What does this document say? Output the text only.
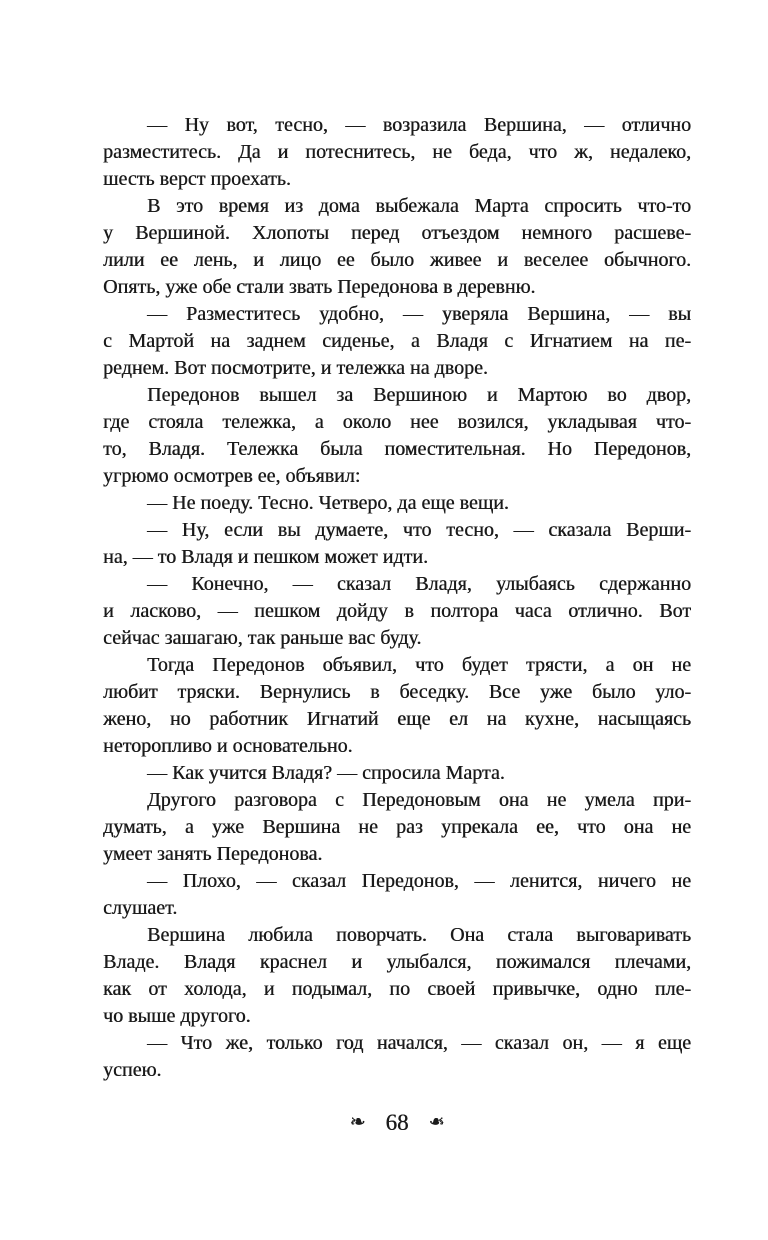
— Ну вот, тесно, — возразила Вершина, — отлично
разместитесь. Да и потеснитесь, не беда, что ж, недалеко,
шесть верст проехать.
В это время из дома выбежала Марта спросить что-то
у Вершиной. Хлопоты перед отъездом немного расшеве-
лили ее лень, и лицо ее было живее и веселее обычного.
Опять, уже обе стали звать Передонова в деревню.
— Разместитесь удобно, — уверяла Вершина, — вы
с Мартой на заднем сиденье, а Владя с Игнатием на пе-
реднем. Вот посмотрите, и тележка на дворе.
Передонов вышел за Вершиною и Мартою во двор,
где стояла тележка, а около нее возился, укладывая что-
то, Владя. Тележка была поместительная. Но Передонов,
угрюмо осмотрев ее, объявил:
— Не поеду. Тесно. Четверо, да еще вещи.
— Ну, если вы думаете, что тесно, — сказала Верши-
на, — то Владя и пешком может идти.
— Конечно, — сказал Владя, улыбаясь сдержанно
и ласково, — пешком дойду в полтора часа отлично. Вот
сейчас зашагаю, так раньше вас буду.
Тогда Передонов объявил, что будет трясти, а он не
любит тряски. Вернулись в беседку. Все уже было уло-
жено, но работник Игнатий еще ел на кухне, насыщаясь
неторопливо и основательно.
— Как учится Владя? — спросила Марта.
Другого разговора с Передоновым она не умела при-
думать, а уже Вершина не раз упрекала ее, что она не
умеет занять Передонова.
— Плохо, — сказал Передонов, — ленится, ничего не
слушает.
Вершина любила поворчать. Она стала выговаривать
Владе. Владя краснел и улыбался, пожимался плечами,
как от холода, и подымал, по своей привычке, одно пле-
чо выше другого.
— Что же, только год начался, — сказал он, — я еще
успею.
❧ 68 ❧
